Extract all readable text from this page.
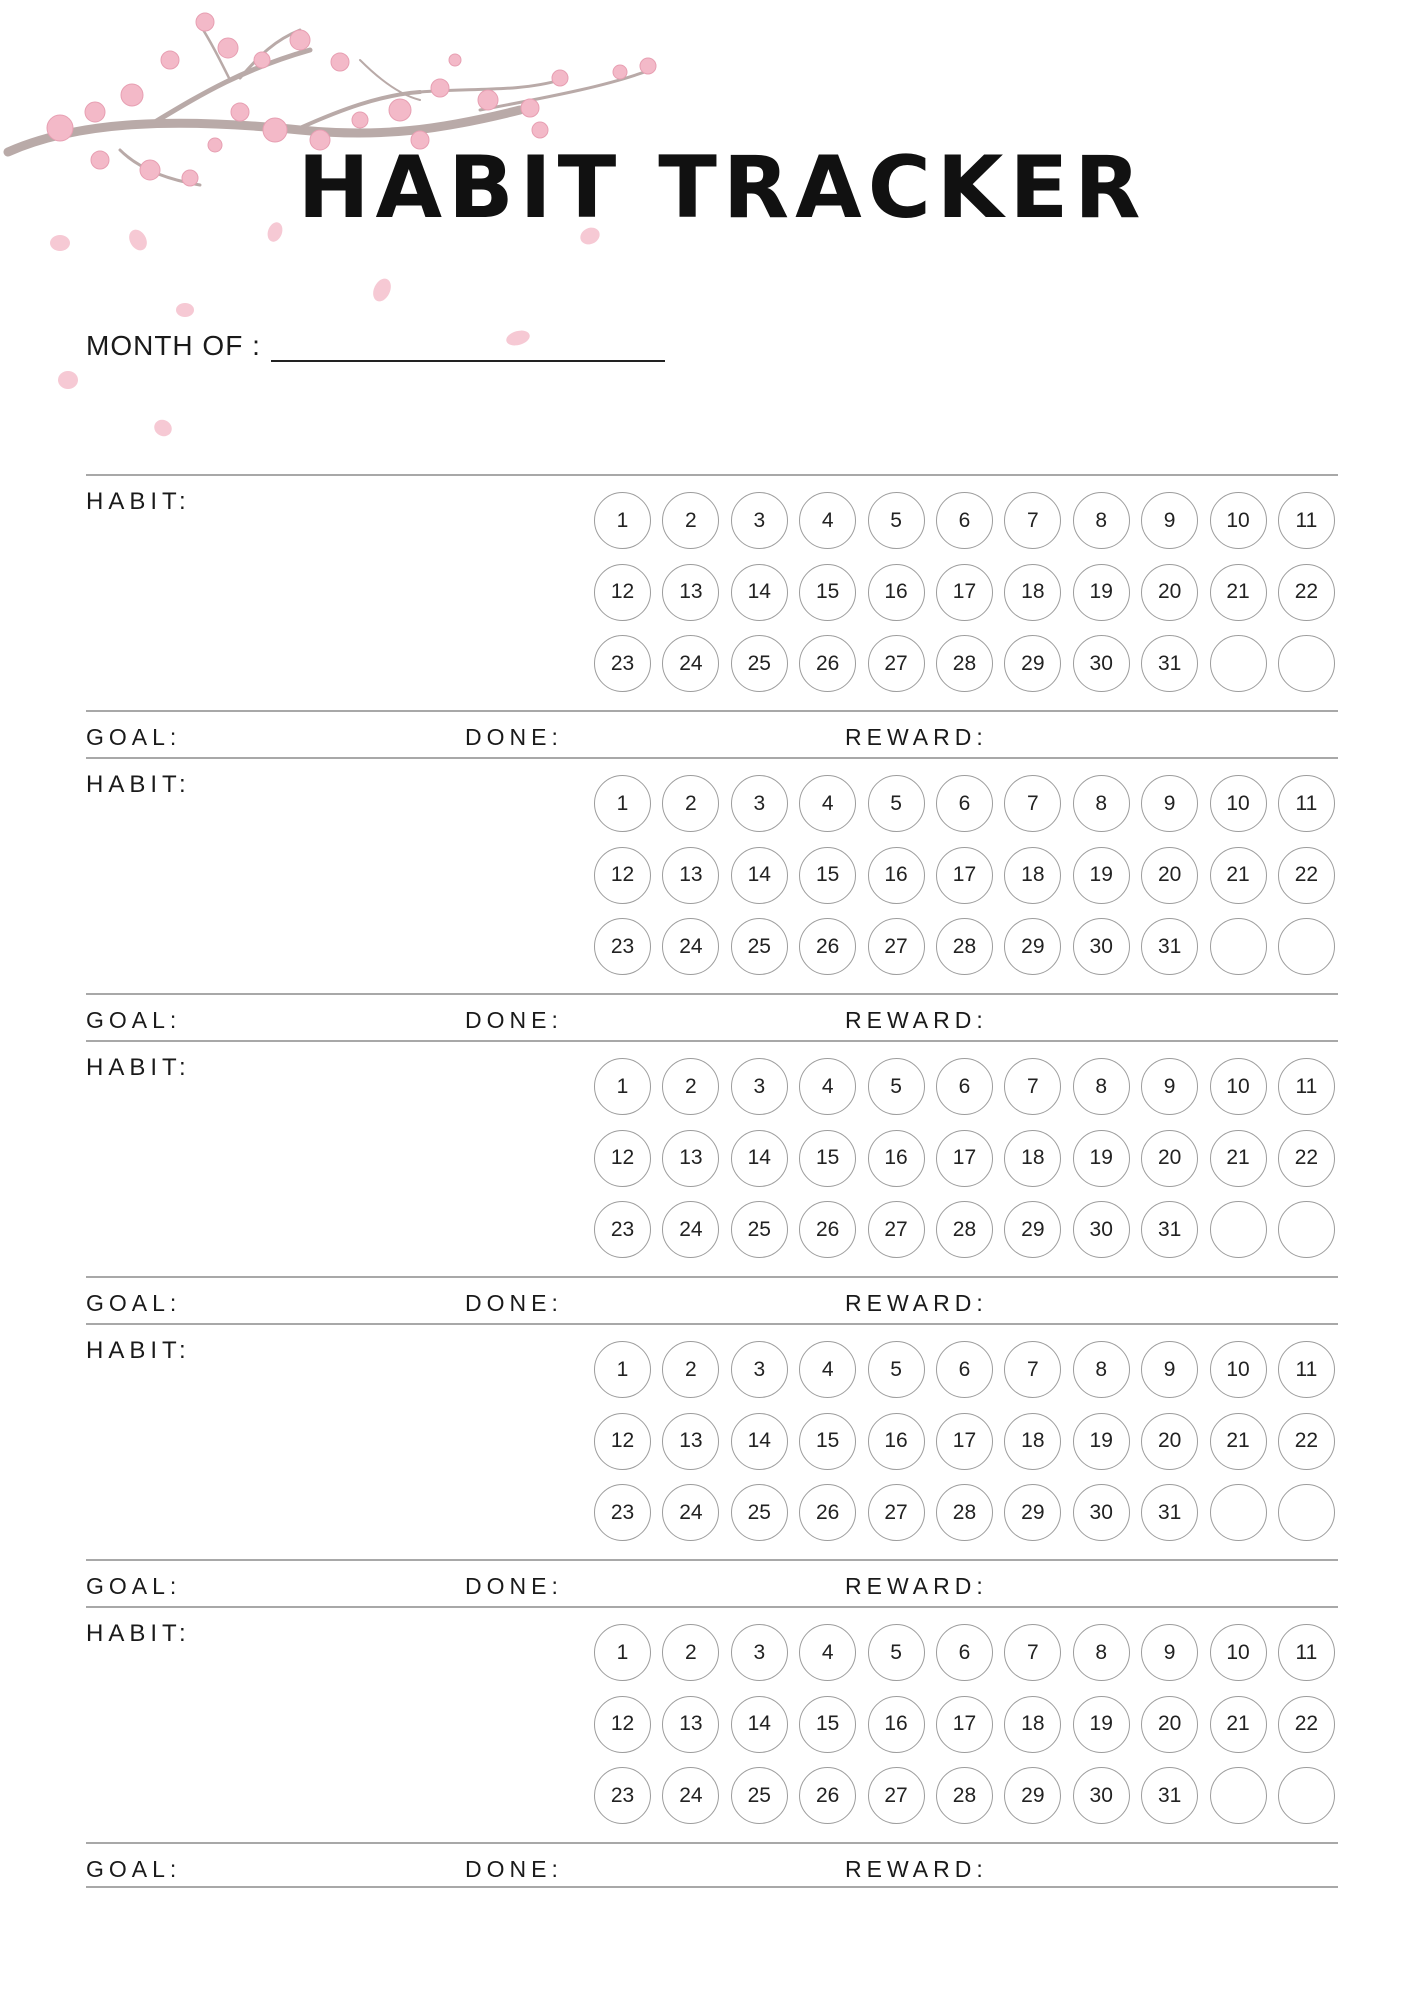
HABIT TRACKER
MONTH OF :
HABIT:
1	2	3	4	5	6	7	8	9	10	11
12	13	14	15	16	17	18	19	20	21	22
23	24	25	26	27	28	29	30	31
GOAL:	DONE:	REWARD:
HABIT:
1	2	3	4	5	6	7	8	9	10	11
12	13	14	15	16	17	18	19	20	21	22
23	24	25	26	27	28	29	30	31
GOAL:	DONE:	REWARD:
HABIT:
1	2	3	4	5	6	7	8	9	10	11
12	13	14	15	16	17	18	19	20	21	22
23	24	25	26	27	28	29	30	31
GOAL:	DONE:	REWARD:
HABIT:
1	2	3	4	5	6	7	8	9	10	11
12	13	14	15	16	17	18	19	20	21	22
23	24	25	26	27	28	29	30	31
GOAL:	DONE:	REWARD:
HABIT:
1	2	3	4	5	6	7	8	9	10	11
12	13	14	15	16	17	18	19	20	21	22
23	24	25	26	27	28	29	30	31
GOAL:	DONE:	REWARD:
